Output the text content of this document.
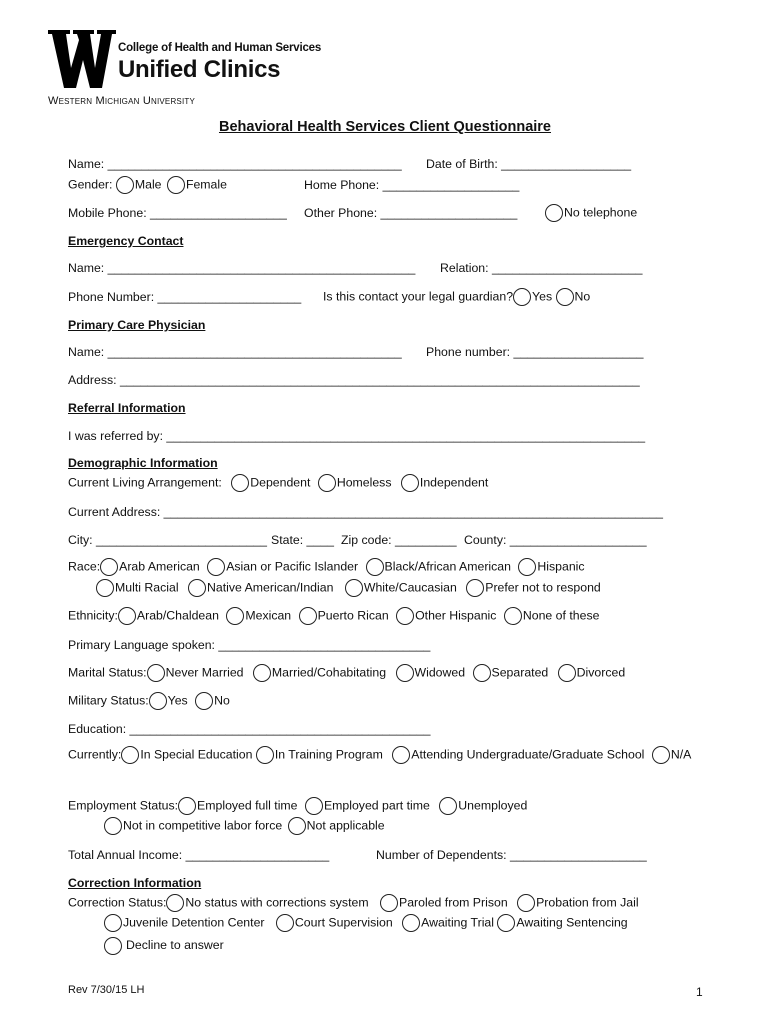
College of Health and Human Services
Unified Clinics
Western Michigan University
Behavioral Health Services Client Questionnaire
Name: ___________________________________________ Date of Birth: ___________________
Gender: Male Female	Home Phone: ____________________
Mobile Phone: ____________________ Other Phone: ____________________	No telephone
Emergency Contact
Name: _____________________________________________ Relation: ______________________
Phone Number: _____________________ Is this contact your legal guardian? Yes No
Primary Care Physician
Name: ___________________________________________ Phone number: ___________________
Address: ____________________________________________________________________________
Referral Information
I was referred by: ______________________________________________________________________
Demographic Information
Current Living Arrangement: Dependent Homeless Independent
Current Address: _________________________________________________________________________
City: _________________________ State: ____ Zip code: _________ County: ____________________
Race: Arab American Asian or Pacific Islander Black/African American Hispanic
Multi Racial Native American/Indian White/Caucasian Prefer not to respond
Ethnicity: Arab/Chaldean Mexican Puerto Rican Other Hispanic None of these
Primary Language spoken: _______________________________
Marital Status: Never Married Married/Cohabitating Widowed Separated Divorced
Military Status: Yes No
Education: ____________________________________________
Currently: In Special Education In Training Program Attending Undergraduate/Graduate School N/A
Employment Status: Employed full time Employed part time Unemployed
Not in competitive labor force Not applicable
Total Annual Income: _____________________	Number of Dependents: ____________________
Correction Information
Correction Status: No status with corrections system Paroled from Prison Probation from Jail
Juvenile Detention Center Court Supervision Awaiting Trial Awaiting Sentencing
Decline to answer
Rev 7/30/15 LH	1
